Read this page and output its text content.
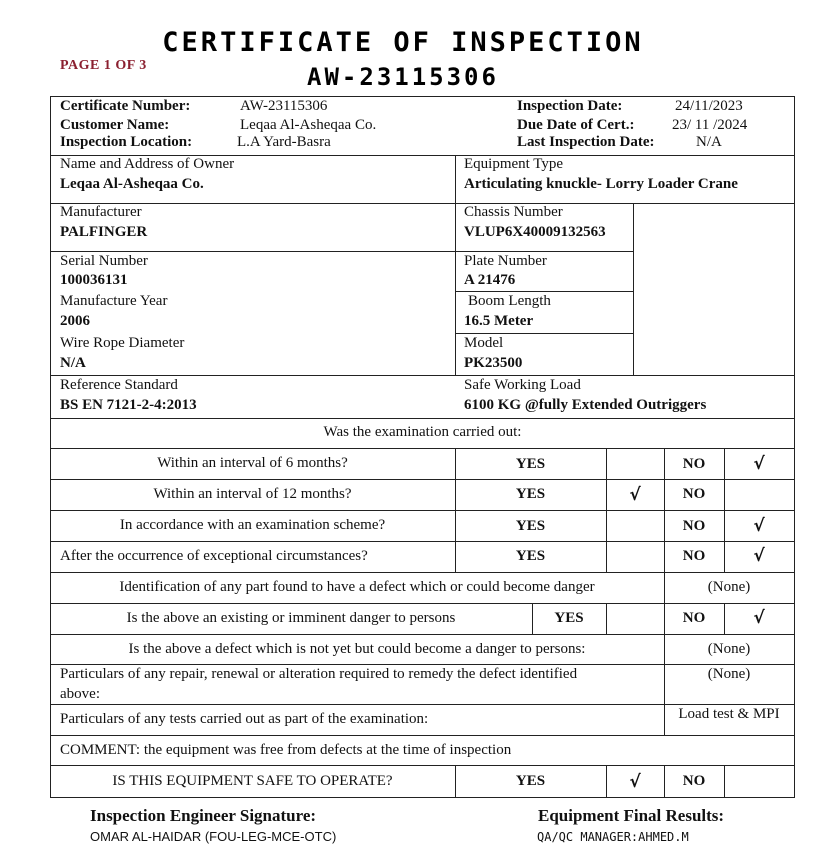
CERTIFICATE OF INSPECTION
AW-23115306
PAGE 1 OF 3
Certificate Number:	AW-23115306
Customer Name:	Leqaa Al-Asheqaa Co.
Inspection Location:	L.A Yard-Basra
Inspection Date:	24/11/2023
Due Date of Cert.:	23/ 11 /2024
Last Inspection Date:	N/A
Name and Address of Owner
Leqaa Al-Asheqaa Co.
Equipment Type
Articulating knuckle- Lorry Loader Crane
Manufacturer
PALFINGER
Chassis Number
VLUP6X40009132563
Serial Number
100036131
Plate Number
A 21476
Manufacture Year
2006
Boom Length
16.5 Meter
Wire Rope Diameter
N/A
Model
PK23500
Reference Standard
BS EN 7121-2-4:2013
Safe Working Load
6100 KG @fully Extended Outriggers
Was the examination carried out:
Within an interval of 6 months?	YES	NO	√
Within an interval of 12 months?	YES	√	NO
In accordance with an examination scheme?	YES	NO	√
After the occurrence of exceptional circumstances?	YES	NO	√
Identification of any part found to have a defect which or could become danger	(None)
Is the above an existing or imminent danger to persons	YES	NO	√
Is the above a defect which is not yet but could become a danger to persons:	(None)
Particulars of any repair, renewal or alteration required to remedy the defect identified
above:
(None)
Particulars of any tests carried out as part of the examination:	Load test & MPI
COMMENT: the equipment was free from defects at the time of inspection
IS THIS EQUIPMENT SAFE TO OPERATE?	YES	√	NO
Inspection Engineer Signature:
OMAR AL-HAIDAR (FOU-LEG-MCE-OTC)
Equipment Final Results:
QA/QC MANAGER:AHMED.M
